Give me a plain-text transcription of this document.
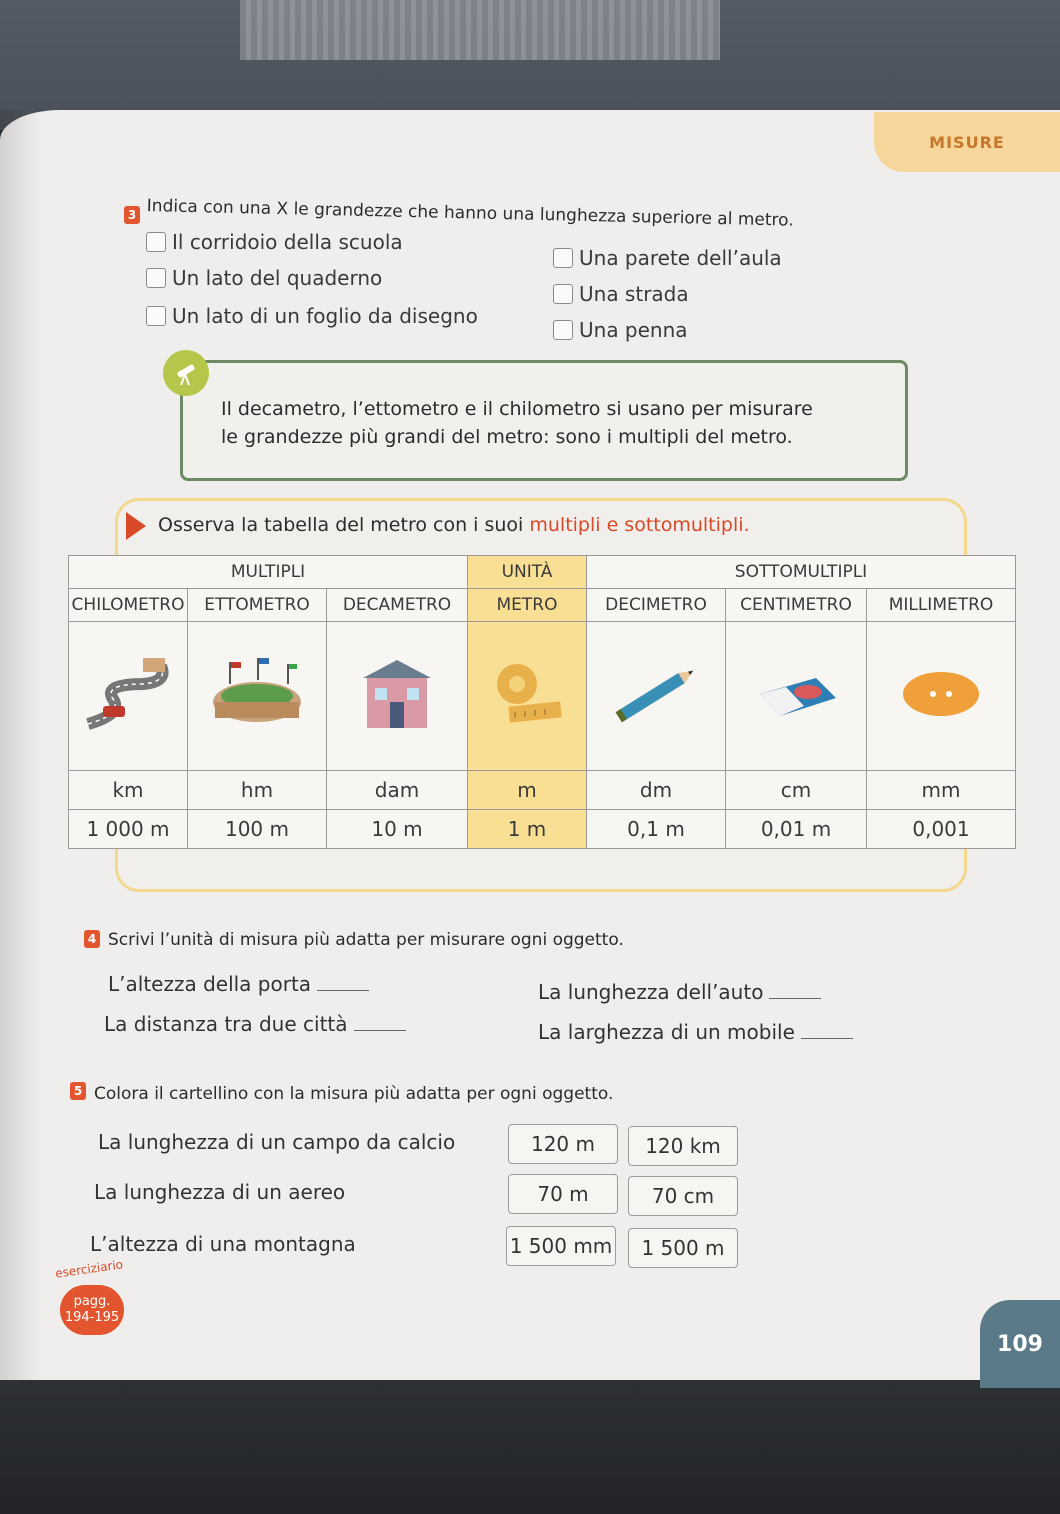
MISURE
3 Indica con una X le grandezze che hanno una lunghezza superiore al metro.
Il corridoio della scuola
Un lato del quaderno
Un lato di un foglio da disegno
Una parete dell’aula
Una strada
Una penna
Il decametro, l’ettometro e il chilometro si usano per misurare
le grandezze più grandi del metro: sono i multipli del metro.
Osserva la tabella del metro con i suoi multipli e sottomultipli.
MULTIPLI			UNITÀ	SOTTOMULTIPLI		
CHILOMETRO	ETTOMETRO	DECAMETRO	METRO	DECIMETRO	CENTIMETRO	MILLIMETRO

km	hm	dam	m	dm	cm	mm
1 000 m	100 m	10 m	1 m	0,1 m	0,01 m	0,001
4 Scrivi l’unità di misura più adatta per misurare ogni oggetto.
L’altezza della porta	La lunghezza dell’auto
La distanza tra due città	La larghezza di un mobile
5 Colora il cartellino con la misura più adatta per ogni oggetto.
La lunghezza di un campo da calcio	120 m	120 km
La lunghezza di un aereo	70 m	70 cm
L’altezza di una montagna	1 500 mm	1 500 m
eserciziario
pagg.
194-195
109
